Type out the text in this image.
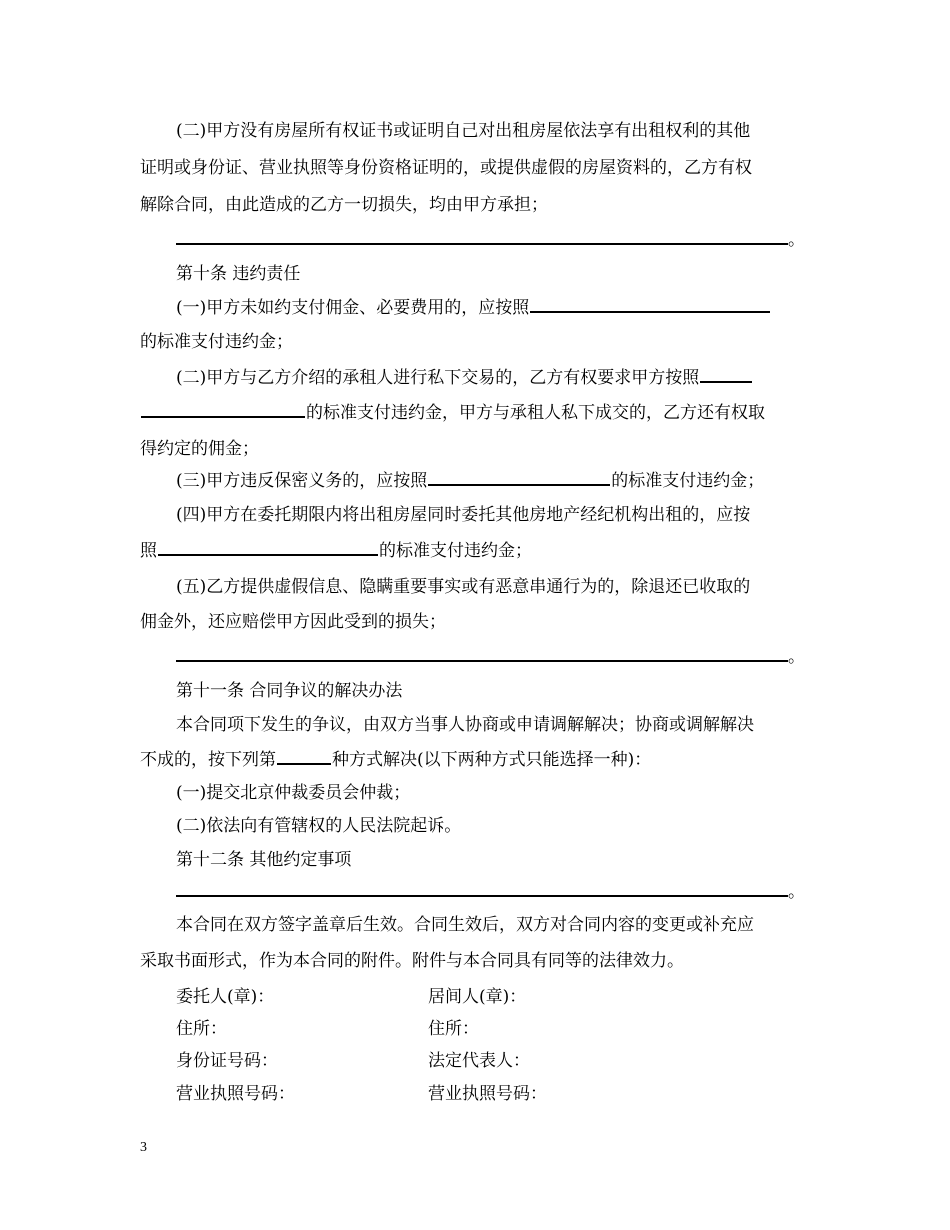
(二)甲方没有房屋所有权证书或证明自己对出租房屋依法享有出租权利的其他
证明或身份证、营业执照等身份资格证明的，或提供虚假的房屋资料的，乙方有权
解除合同，由此造成的乙方一切损失，均由甲方承担；
。
第十条 违约责任
(一)甲方未如约支付佣金、必要费用的，应按照
的标准支付违约金；
(二)甲方与乙方介绍的承租人进行私下交易的，乙方有权要求甲方按照
的标准支付违约金，甲方与承租人私下成交的，乙方还有权取
得约定的佣金；
(三)甲方违反保密义务的，应按照	的标准支付违约金；
(四)甲方在委托期限内将出租房屋同时委托其他房地产经纪机构出租的，应按
照	的标准支付违约金；
(五)乙方提供虚假信息、隐瞒重要事实或有恶意串通行为的，除退还已收取的
佣金外，还应赔偿甲方因此受到的损失；
。
第十一条 合同争议的解决办法
本合同项下发生的争议，由双方当事人协商或申请调解解决；协商或调解解决
不成的，按下列第	种方式解决(以下两种方式只能选择一种)：
(一)提交北京仲裁委员会仲裁；
(二)依法向有管辖权的人民法院起诉。
第十二条 其他约定事项
。
本合同在双方签字盖章后生效。合同生效后，双方对合同内容的变更或补充应
采取书面形式，作为本合同的附件。附件与本合同具有同等的法律效力。
委托人(章)：	居间人(章)：
住所：	住所：
身份证号码：	法定代表人：
营业执照号码：	营业执照号码：
3
